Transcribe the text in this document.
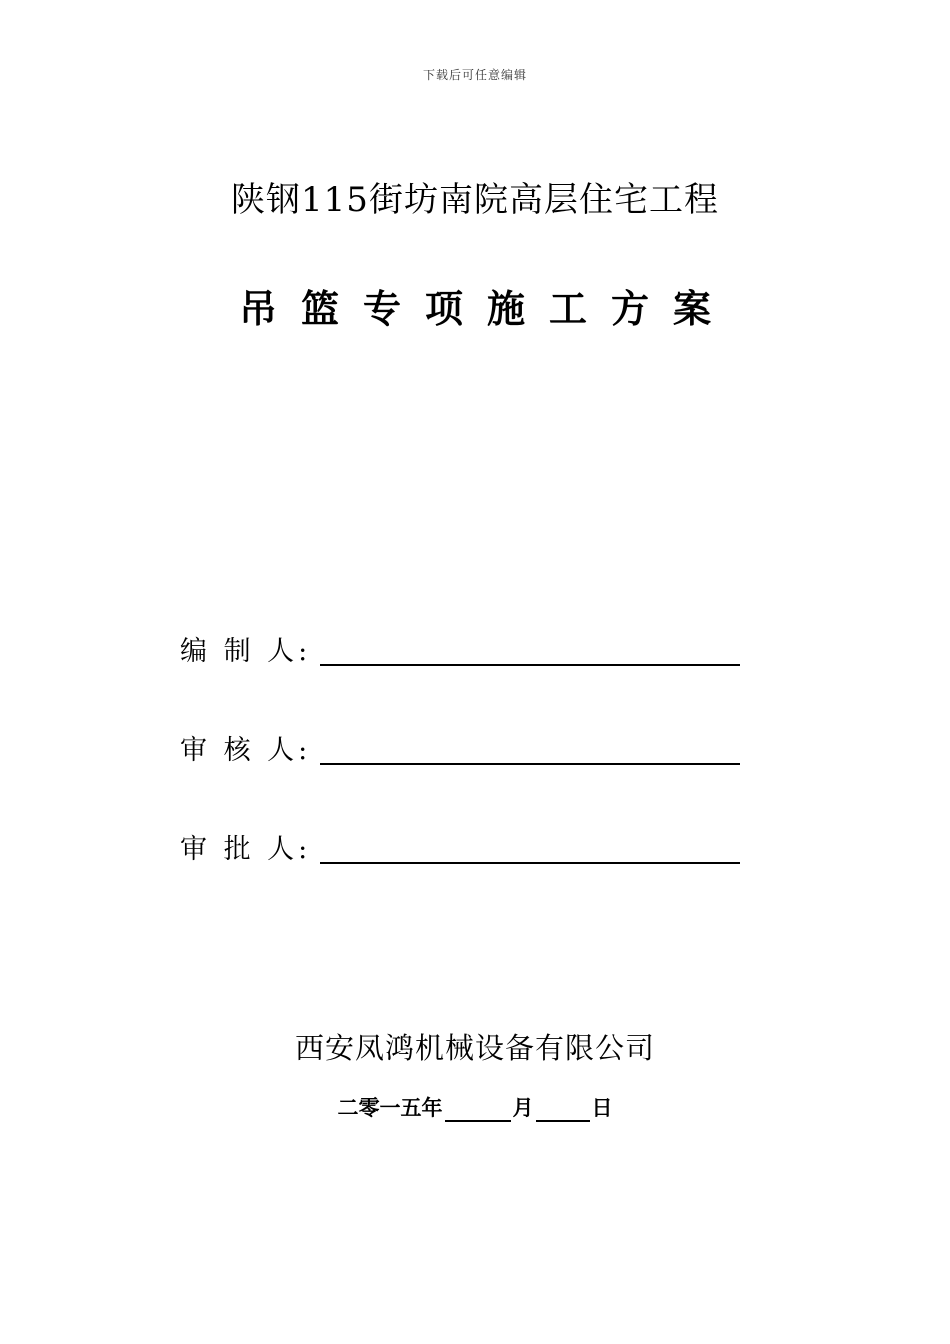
下载后可任意编辑
陕钢115街坊南院高层住宅工程
吊篮专项施工方案
编 制 人:
审 核 人:
审 批 人:
西安凤鸿机械设备有限公司
二零一五年	月	日
